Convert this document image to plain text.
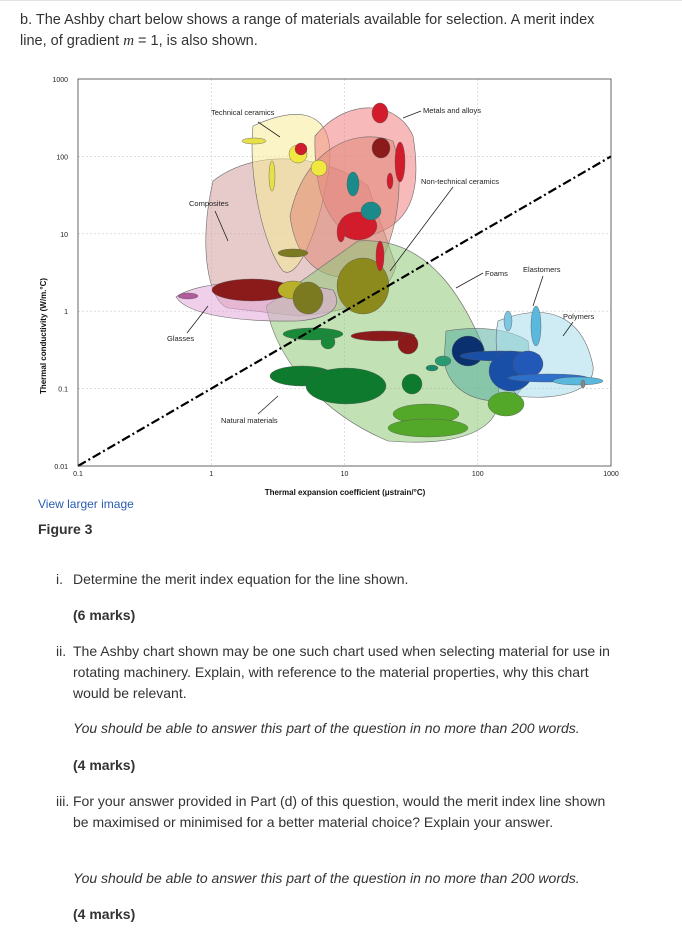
b. The Ashby chart below shows a range of materials available for selection. A merit index line, of gradient m = 1, is also shown.
Technical ceramics	Metals and alloys
Non-technical ceramics
Composites
Glasses
Natural materials
Foams
Polymers
Elastomers
0.1	1	10	100	1000
0.01
0.1
1
10
100
1000
Thermal expansion coefficient (μstrain/°C)
Thermal conductivity (W/m.°C)
View larger image
Figure 3
i. Determine the merit index equation for the line shown.
(6 marks)
ii. The Ashby chart shown may be one such chart used when selecting material for use in rotating machinery. Explain, with reference to the material properties, why this chart would be relevant.
You should be able to answer this part of the question in no more than 200 words.
(4 marks)
iii. For your answer provided in Part (d) of this question, would the merit index line shown be maximised or minimised for a better material choice? Explain your answer.
You should be able to answer this part of the question in no more than 200 words.
(4 marks)
